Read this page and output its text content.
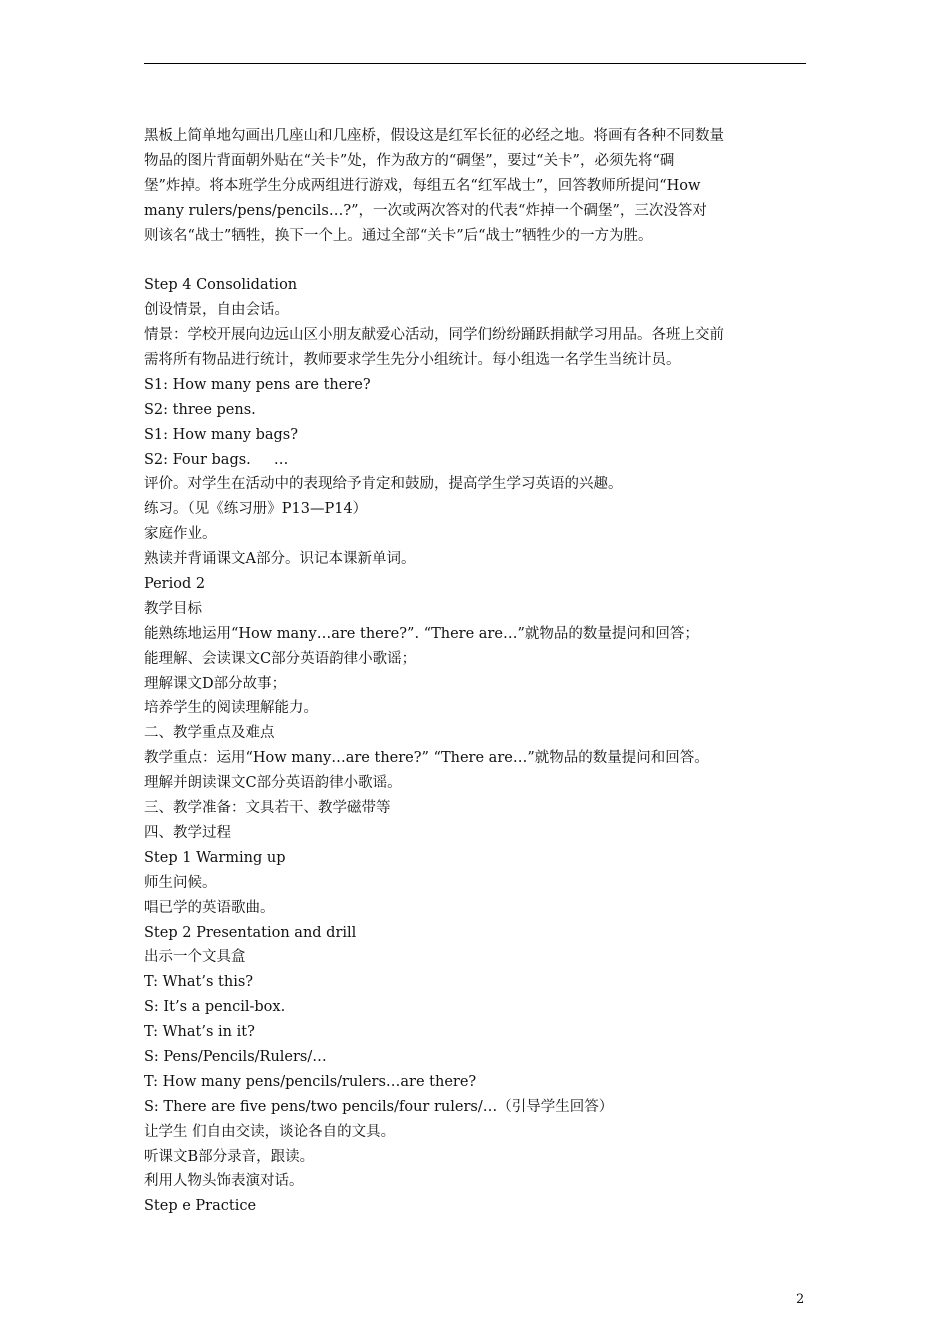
黑板上简单地勾画出几座山和几座桥，假设这是红军长征的必经之地。将画有各种不同数量
物品的图片背面朝外贴在“关卡”处，作为敌方的“碉堡”，要过“关卡”，必须先将“碉
堡”炸掉。将本班学生分成两组进行游戏，每组五名“红军战士”，回答教师所提问“How
many rulers/pens/pencils…?”，一次或两次答对的代表“炸掉一个碉堡”，三次没答对
则该名“战士”牺牲，换下一个上。通过全部“关卡”后“战士”牺牲少的一方为胜。
Step 4 Consolidation
创设情景，自由会话。
情景：学校开展向边远山区小朋友献爱心活动，同学们纷纷踊跃捐献学习用品。各班上交前
需将所有物品进行统计，教师要求学生先分小组统计。每小组选一名学生当统计员。
S1: How many pens are there?
S2: three pens.
S1: How many bags?
S2: Four bags.     …
评价。对学生在活动中的表现给予肯定和鼓励，提高学生学习英语的兴趣。
练习。（见《练习册》P13—P14）
家庭作业。
熟读并背诵课文A部分。识记本课新单词。
Period 2
教学目标
能熟练地运用“How many…are there?”. “There are…”就物品的数量提问和回答；
能理解、会读课文C部分英语韵律小歌谣；
理解课文D部分故事；
培养学生的阅读理解能力。
二、教学重点及难点
教学重点：运用“How many…are there?” “There are…”就物品的数量提问和回答。
理解并朗读课文C部分英语韵律小歌谣。
三、教学准备：文具若干、教学磁带等
四、教学过程
Step 1 Warming up
师生问候。
唱已学的英语歌曲。
Step 2 Presentation and drill
出示一个文具盒
T: What’s this?
S: It’s a pencil-box.
T: What’s in it?
S: Pens/Pencils/Rulers/…
T: How many pens/pencils/rulers…are there?
S: There are five pens/two pencils/four rulers/…（引导学生回答）
让学生 们自由交读，谈论各自的文具。
听课文B部分录音，跟读。
利用人物头饰表演对话。
Step e Practice
2
